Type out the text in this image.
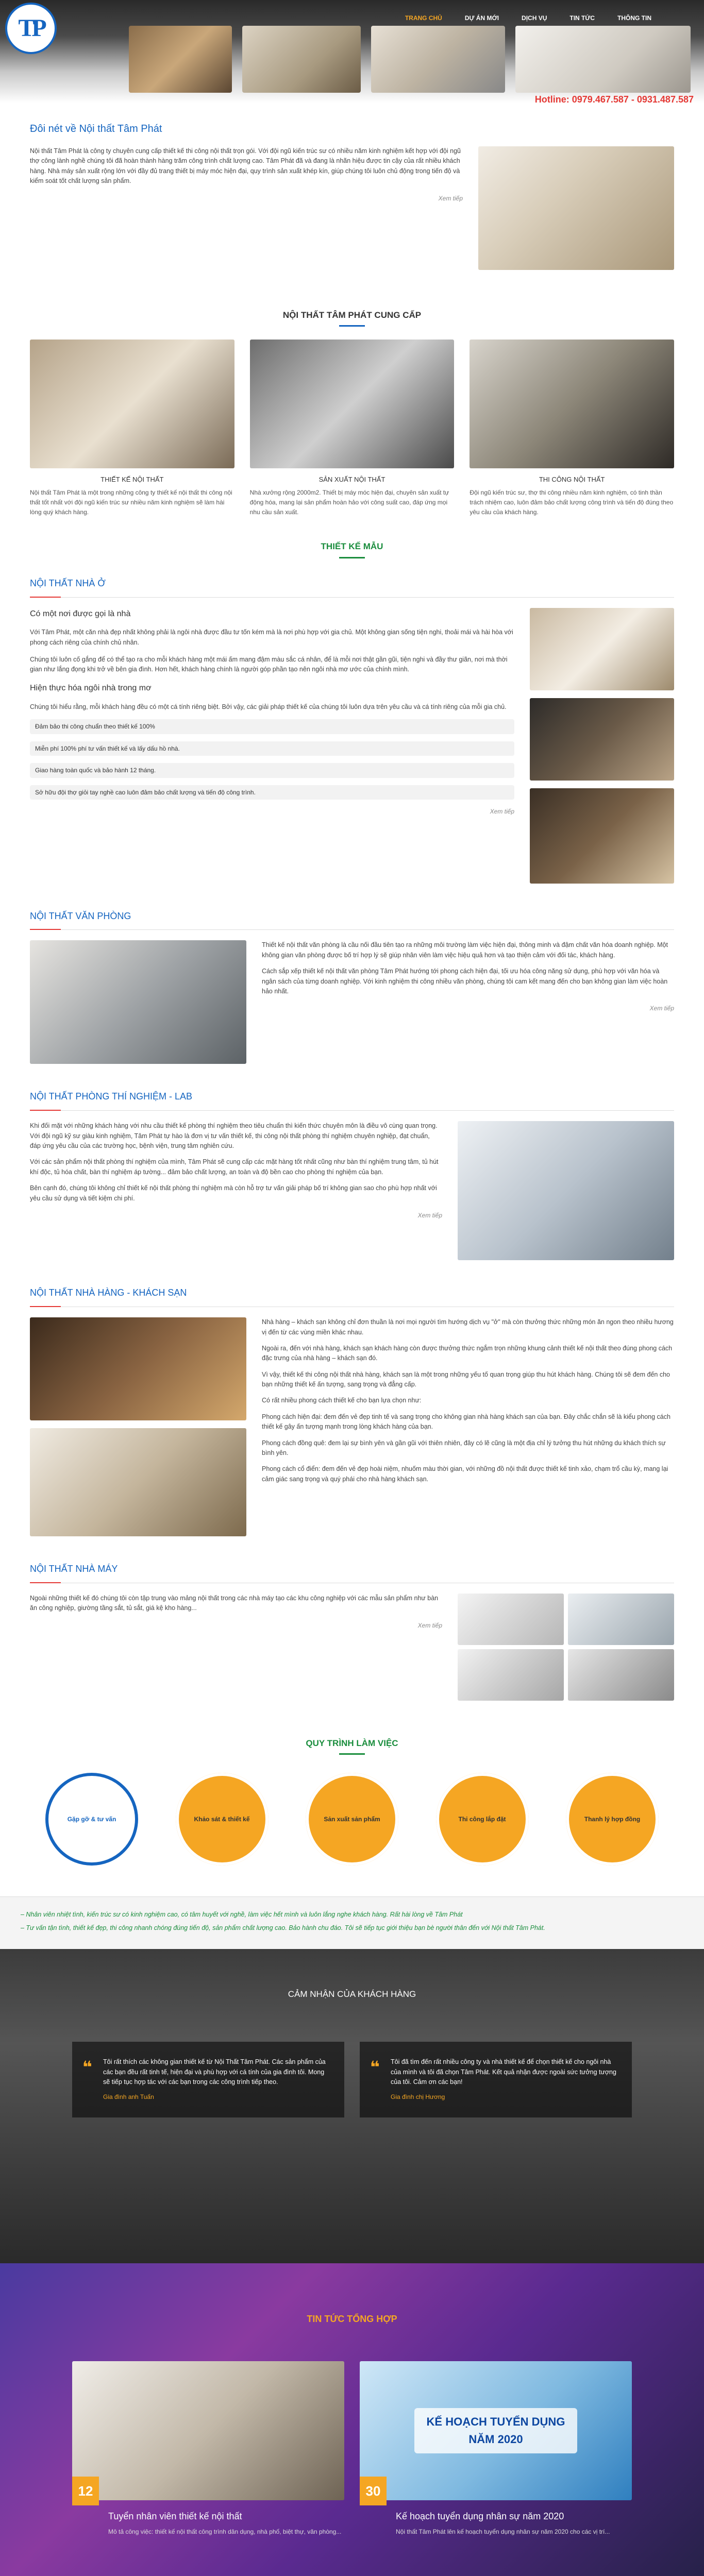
TP	TRANG CHỦ	DỰ ÁN MỚI	DỊCH VỤ	TIN TỨC	THÔNG TIN
Hotline: 0979.467.587 - 0931.487.587
Đôi nét về Nội thất Tâm Phát

Nội thất Tâm Phát là công ty chuyên cung cấp thiết kế thi công nội thất trọn gói. Với đội ngũ kiến trúc sư có nhiều năm kinh nghiệm kết hợp với đội ngũ thợ công lành nghề chúng tôi đã hoàn thành hàng trăm công trình chất lượng cao. Tâm Phát đã và đang là nhãn hiệu được tin cậy của rất nhiều khách hàng. Nhà máy sản xuất rộng lớn với đầy đủ trang thiết bị máy móc hiện đại, quy trình sản xuất khép kín, giúp chúng tôi luôn chủ động trong tiến độ và kiểm soát tốt chất lượng sản phẩm.

Xem tiếp
NỘI THẤT TÂM PHÁT CUNG CẤP
THIẾT KẾ NỘI THẤT

Nội thất Tâm Phát là một trong những công ty thiết kế nội thất thi công nội thất tốt nhất với đội ngũ kiến trúc sư nhiều năm kinh nghiệm sẽ làm hài lòng quý khách hàng.

SẢN XUẤT NỘI THẤT

Nhà xưởng rộng 2000m2. Thiết bị máy móc hiện đại, chuyên sản xuất tự động hóa, mang lại sản phẩm hoàn hảo với công suất cao, đáp ứng mọi nhu cầu sản xuất.

THI CÔNG NỘI THẤT

Đội ngũ kiến trúc sư, thợ thi công nhiều năm kinh nghiệm, có tinh thần trách nhiệm cao, luôn đảm bảo chất lượng công trình và tiến độ đúng theo yêu cầu của khách hàng.

THIẾT KẾ MẪU
NỘI THẤT NHÀ Ở
Có một nơi được gọi là nhà

Với Tâm Phát, một căn nhà đẹp nhất không phải là ngôi nhà được đầu tư tốn kém mà là nơi phù hợp với gia chủ. Một không gian sống tiện nghi, thoải mái và hài hòa với phong cách riêng của chính chủ nhân.

Chúng tôi luôn cố gắng để có thể tạo ra cho mỗi khách hàng một mái ấm mang đậm màu sắc cá nhân, để là mỗi nơi thật gần gũi, tiện nghi và đầy thư giãn, nơi mà thời gian như lắng đọng khi trở về bên gia đình. Hơn hết, khách hàng chính là người góp phần tạo nên ngôi nhà mơ ước của chính mình.

Hiện thực hóa ngôi nhà trong mơ

Chúng tôi hiểu rằng, mỗi khách hàng đều có một cá tính riêng biệt. Bởi vậy, các giải pháp thiết kế của chúng tôi luôn dựa trên yêu cầu và cá tính riêng của mỗi gia chủ.

Đảm bảo thi công chuẩn theo thiết kế 100%
Miễn phí 100% phí tư vấn thiết kế và lấy dấu hồ nhà.
Giao hàng toàn quốc và bảo hành 12 tháng.
Sở hữu đội thợ giỏi tay nghề cao luôn đảm bảo chất lượng và tiến độ công trình.
Xem tiếp
NỘI THẤT VĂN PHÒNG

Thiết kế nội thất văn phòng là cầu nối đầu tiên tạo ra những môi trường làm việc hiện đại, thông minh và đậm chất văn hóa doanh nghiệp. Một không gian văn phòng được bố trí hợp lý sẽ giúp nhân viên làm việc hiệu quả hơn và tạo thiện cảm với đối tác, khách hàng.

Cách sắp xếp thiết kế nội thất văn phòng Tâm Phát hướng tới phong cách hiện đại, tối ưu hóa công năng sử dụng, phù hợp với văn hóa và ngân sách của từng doanh nghiệp. Với kinh nghiệm thi công nhiều văn phòng, chúng tôi cam kết mang đến cho bạn không gian làm việc hoàn hảo nhất.

Xem tiếp
NỘI THẤT PHÒNG THÍ NGHIỆM - LAB

Khi đối mặt với những khách hàng với nhu cầu thiết kế phòng thí nghiệm theo tiêu chuẩn thì kiến thức chuyên môn là điều vô cùng quan trọng. Với đội ngũ kỹ sư giàu kinh nghiệm, Tâm Phát tự hào là đơn vị tư vấn thiết kế, thi công nội thất phòng thí nghiệm chuyên nghiệp, đạt chuẩn, đáp ứng yêu cầu của các trường học, bệnh viện, trung tâm nghiên cứu.

Với các sản phẩm nội thất phòng thí nghiệm của mình, Tâm Phát sẽ cung cấp các mặt hàng tốt nhất cũng như bàn thí nghiệm trung tâm, tủ hút khí độc, tủ hóa chất, bàn thí nghiệm áp tường... đảm bảo chất lượng, an toàn và độ bền cao cho phòng thí nghiệm của bạn.

Bên cạnh đó, chúng tôi không chỉ thiết kế nội thất phòng thí nghiệm mà còn hỗ trợ tư vấn giải pháp bố trí không gian sao cho phù hợp nhất với yêu cầu sử dụng và tiết kiệm chi phí.

Xem tiếp
NỘI THẤT NHÀ HÀNG - KHÁCH SẠN

Nhà hàng – khách sạn không chỉ đơn thuần là nơi mọi người tìm hướng dịch vụ "ở" mà còn thưởng thức những món ăn ngon theo nhiều hương vị đến từ các vùng miền khác nhau.

Ngoài ra, đến với nhà hàng, khách sạn khách hàng còn được thưởng thức ngắm trọn những khung cảnh thiết kế nội thất theo đúng phong cách đặc trưng của nhà hàng – khách sạn đó.

Vì vậy, thiết kế thi công nội thất nhà hàng, khách sạn là một trong những yếu tố quan trọng giúp thu hút khách hàng. Chúng tôi sẽ đem đến cho bạn những thiết kế ấn tượng, sang trọng và đẳng cấp.

Có rất nhiều phong cách thiết kế cho bạn lựa chọn như:

Phong cách hiện đại: đem đến vẻ đẹp tinh tế và sang trọng cho không gian nhà hàng khách sạn của bạn. Đây chắc chắn sẽ là kiểu phong cách thiết kế gây ấn tượng mạnh trong lòng khách hàng của bạn.

Phong cách đồng quê: đem lại sự bình yên và gần gũi với thiên nhiên, đây có lẽ cũng là một địa chỉ lý tưởng thu hút những du khách thích sự bình yên.

Phong cách cổ điển: đem đến vẻ đẹp hoài niệm, nhuốm màu thời gian, với những đồ nội thất được thiết kế tinh xảo, chạm trổ cầu kỳ, mang lại cảm giác sang trọng và quý phái cho nhà hàng khách sạn.

NỘI THẤT NHÀ MÁY

Ngoài những thiết kế đó chúng tôi còn tập trung vào mảng nội thất trong các nhà máy tạo các khu công nghiệp với các mẫu sản phẩm như bàn ăn công nghiệp, giường tầng sắt, tủ sắt, giá kệ kho hàng...

Xem tiếp
QUY TRÌNH LÀM VIỆC
Gặp gỡ & tư vấn	Khảo sát & thiết kế	Sản xuất sản phẩm	Thi công lắp đặt	Thanh lý hợp đồng

– Nhân viên nhiệt tình, kiến trúc sư có kinh nghiệm cao, có tâm huyết với nghề, làm việc hết mình và luôn lắng nghe khách hàng. Rất hài lòng về Tâm Phát

– Tư vấn tận tình, thiết kế đẹp, thi công nhanh chóng đúng tiến độ, sản phẩm chất lượng cao. Bảo hành chu đáo. Tôi sẽ tiếp tục giới thiệu bạn bè người thân đến với Nội thất Tâm Phát.

CẢM NHẬN CỦA KHÁCH HÀNG
❝ Tôi rất thích các không gian thiết kế từ Nội Thất Tâm Phát. Các sản phẩm của các bạn đều rất tinh tế, hiện đại và phù hợp với cá tính của gia đình tôi. Mong sẽ tiếp tục hợp tác với các bạn trong các công trình tiếp theo.
Gia đình anh Tuấn
❝ Tôi đã tìm đến rất nhiều công ty và nhà thiết kế để chọn thiết kế cho ngôi nhà của mình và tôi đã chọn Tâm Phát. Kết quả nhận được ngoài sức tưởng tượng của tôi. Cảm ơn các bạn!
Gia đình chị Hương
TIN TỨC TỔNG HỢP
12
Tuyển nhân viên thiết kế nội thất

Mô tả công việc: thiết kế nội thất công trình dân dụng, nhà phố, biệt thự, văn phòng...

KẾ HOẠCH TUYỂN DỤNG NĂM 2020
30
Kế hoạch tuyển dụng nhân sự năm 2020

Nội thất Tâm Phát lên kế hoạch tuyển dụng nhân sự năm 2020 cho các vị trí...
